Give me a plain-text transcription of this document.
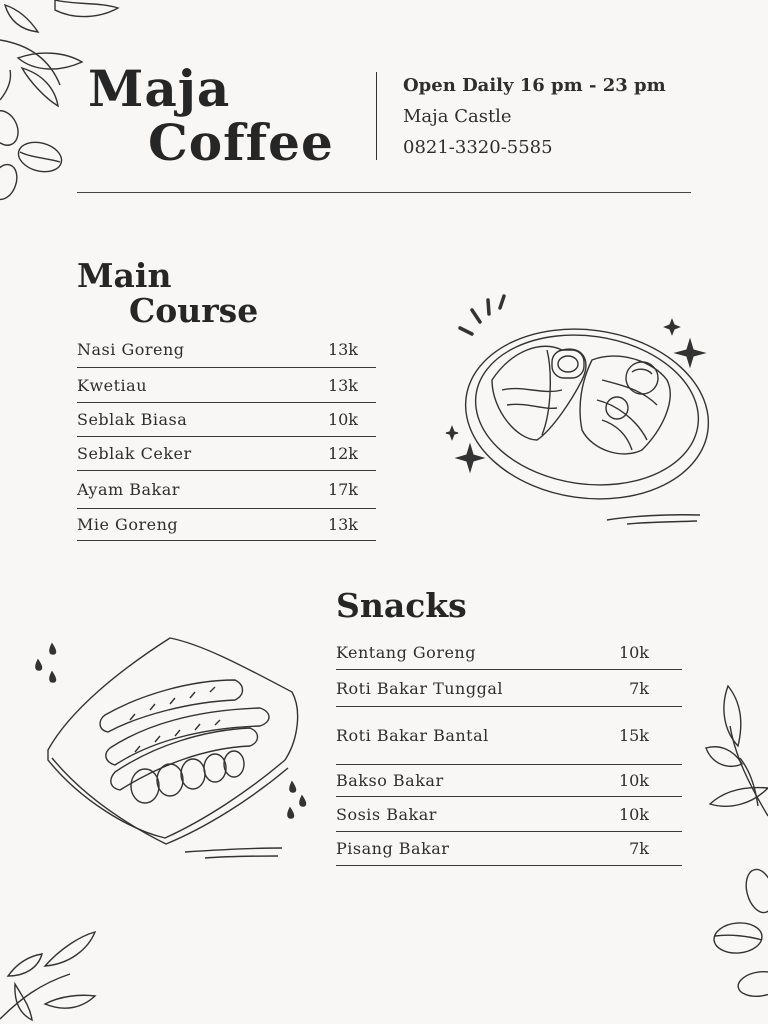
Maja
Coffee
Open Daily 16 pm - 23 pm
Maja Castle
0821-3320-5585
Main
Course
Nasi Goreng	13k
Kwetiau	13k
Seblak Biasa	10k
Seblak Ceker	12k
Ayam Bakar	17k
Mie Goreng	13k
Snacks
Kentang Goreng	10k
Roti Bakar Tunggal	7k
Roti Bakar Bantal	15k
Bakso Bakar	10k
Sosis Bakar	10k
Pisang Bakar	7k
